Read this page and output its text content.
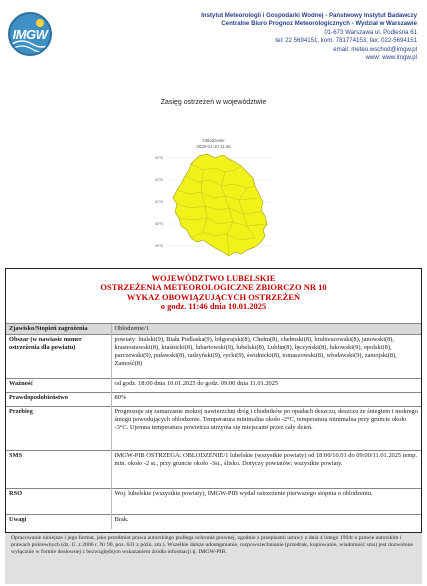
IMGW
Instytut Meteorologii i Gospodarki Wodnej - Państwowy Instytut Badawczy
Centralne Biuro Prognoz Meteorologicznych - Wydział w Warszawie
01-673 Warszawa ul. Podleśna 61
tel: 22 5694151, kom. 781774153, fax: 022-5694151
email: meteo.wschod@imgw.pl
www: www.imgw.pl
Zasięg ostrzeżeń w województwie
Obłodzenie
2025-01-10 11:46
52°N
51°N
51°N
50°N
50°N
WOJEWÓDZTWO LUBELSKIE
OSTRZEŻENIA METEOROLOGICZNE ZBIORCZO NR 10
WYKAZ OBOWIĄZUJĄCYCH OSTRZEŻEŃ
o godz. 11:46 dnia 10.01.2025
Zjawisko/Stopień zagrożenia	Oblodzenie/1
Obszar (w nawiasie numer ostrzeżenia dla powiatu)	powiaty: bialski(9), Biała Podlaska(9), biłgorajski(8), Chełm(8), chełmski(8), hrubieszowski(8), janowski(8), krasnostawski(8), kraśnicki(8), lubartowski(9), lubelski(8), Lublin(8), łęczyński(8), łukowski(9), opolski(8), parczewski(9), puławski(8), radzyński(9), rycki(9), świdnicki(8), tomaszowski(8), włodawski(9), zamojski(8), Zamość(8)
Ważność	od godz. 18:00 dnia 10.01.2025 do godz. 09:00 dnia 11.01.2025
Prawdopodobieństwo	80%
Przebieg	Prognozuje się zamarzanie mokrej nawierzchni dróg i chodników po opadach deszczu, deszczu ze śniegiem i mokrego śniegu powodujących oblodzenie. Temperatura minimalna około -2°C, temperatura minimalna przy gruncie około -3°C. Ujemna temperatura powietrza utrzyma się miejscami przez cały dzień.
SMS	IMGW-PIB OSTRZEGA: OBLODZENIE/1 lubelskie (wszystkie powiaty) od 18:00/10.01 do 09:00/11.01.2025 temp. min. około -2 st., przy gruncie około -3st., ślisko. Dotyczy powiatów: wszystkie powiaty.
RSO	Woj. lubelskie (wszystkie powiaty), IMGW-PIB wydał ostrzeżenie pierwszego stopnia o oblodzeniu.
Uwagi	Brak.
Opracowanie niniejsze i jego format, jako przedmiot prawa autorskiego podlega ochronie prawnej, zgodnie z przepisami ustawy z dnia 4 lutego 1994r o prawie autorskim i prawach pokrewnych (dz. U. z 2006 r. Nr 90, poz. 631 z późn. zm.). Wszelkie dalsze udostępnianie, rozpowszechnianie (przedruk, kopiowanie, wiadomość sms) jest dozwolone wyłącznie w formie dosłownej z bezwzględnym wskazaniem źródła informacji tj. IMGW-PIB.
